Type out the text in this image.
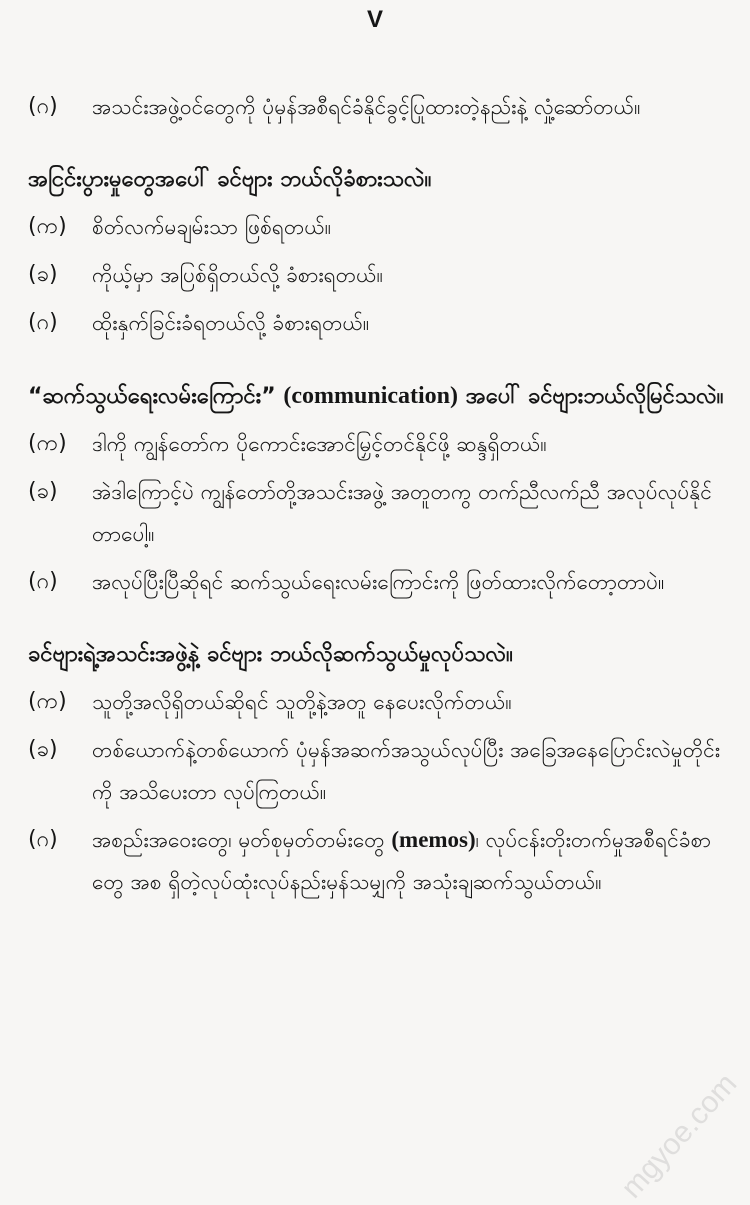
V
(ဂ)	အသင်းအဖွဲ့ဝင်တွေကို ပုံမှန်အစီရင်ခံနိုင်ခွင့်ပြုထားတဲ့နည်းနဲ့ လှုံ့ဆော်တယ်။
အငြင်းပွားမှုတွေအပေါ် ခင်ဗျား ဘယ်လိုခံစားသလဲ။
(က)	စိတ်လက်မချမ်းသာ ဖြစ်ရတယ်။
(ခ)	ကိုယ့်မှာ အပြစ်ရှိတယ်လို့ ခံစားရတယ်။
(ဂ)	ထိုးနှက်ခြင်းခံရတယ်လို့ ခံစားရတယ်။
“ဆက်သွယ်ရေးလမ်းကြောင်း” (communication) အပေါ် ခင်ဗျားဘယ်လိုမြင်သလဲ။
(က)	ဒါကို ကျွန်တော်က ပိုကောင်းအောင်မြှင့်တင်နိုင်ဖို့ ဆန္ဒရှိတယ်။
(ခ)	အဲဒါကြောင့်ပဲ ကျွန်တော်တို့အသင်းအဖွဲ့ အတူတကွ တက်ညီလက်ညီ အလုပ်လုပ်နိုင်တာပေါ့။
(ဂ)	အလုပ်ပြီးပြီဆိုရင် ဆက်သွယ်ရေးလမ်းကြောင်းကို ဖြတ်ထားလိုက်တော့တာပဲ။
ခင်ဗျားရဲ့အသင်းအဖွဲ့နဲ့ ခင်ဗျား ဘယ်လိုဆက်သွယ်မှုလုပ်သလဲ။
(က)	သူတို့အလိုရှိတယ်ဆိုရင် သူတို့နဲ့အတူ နေပေးလိုက်တယ်။
(ခ)	တစ်ယောက်နဲ့တစ်ယောက် ပုံမှန်အဆက်အသွယ်လုပ်ပြီး အခြေအနေပြောင်းလဲမှုတိုင်းကို အသိပေးတာ လုပ်ကြတယ်။
(ဂ)	အစည်းအဝေးတွေ၊ မှတ်စုမှတ်တမ်းတွေ (memos)၊ လုပ်ငန်းတိုးတက်မှုအစီရင်ခံစာတွေ အစ ရှိတဲ့လုပ်ထုံးလုပ်နည်းမှန်သမျှကို အသုံးချဆက်သွယ်တယ်။
mgyoe.com
